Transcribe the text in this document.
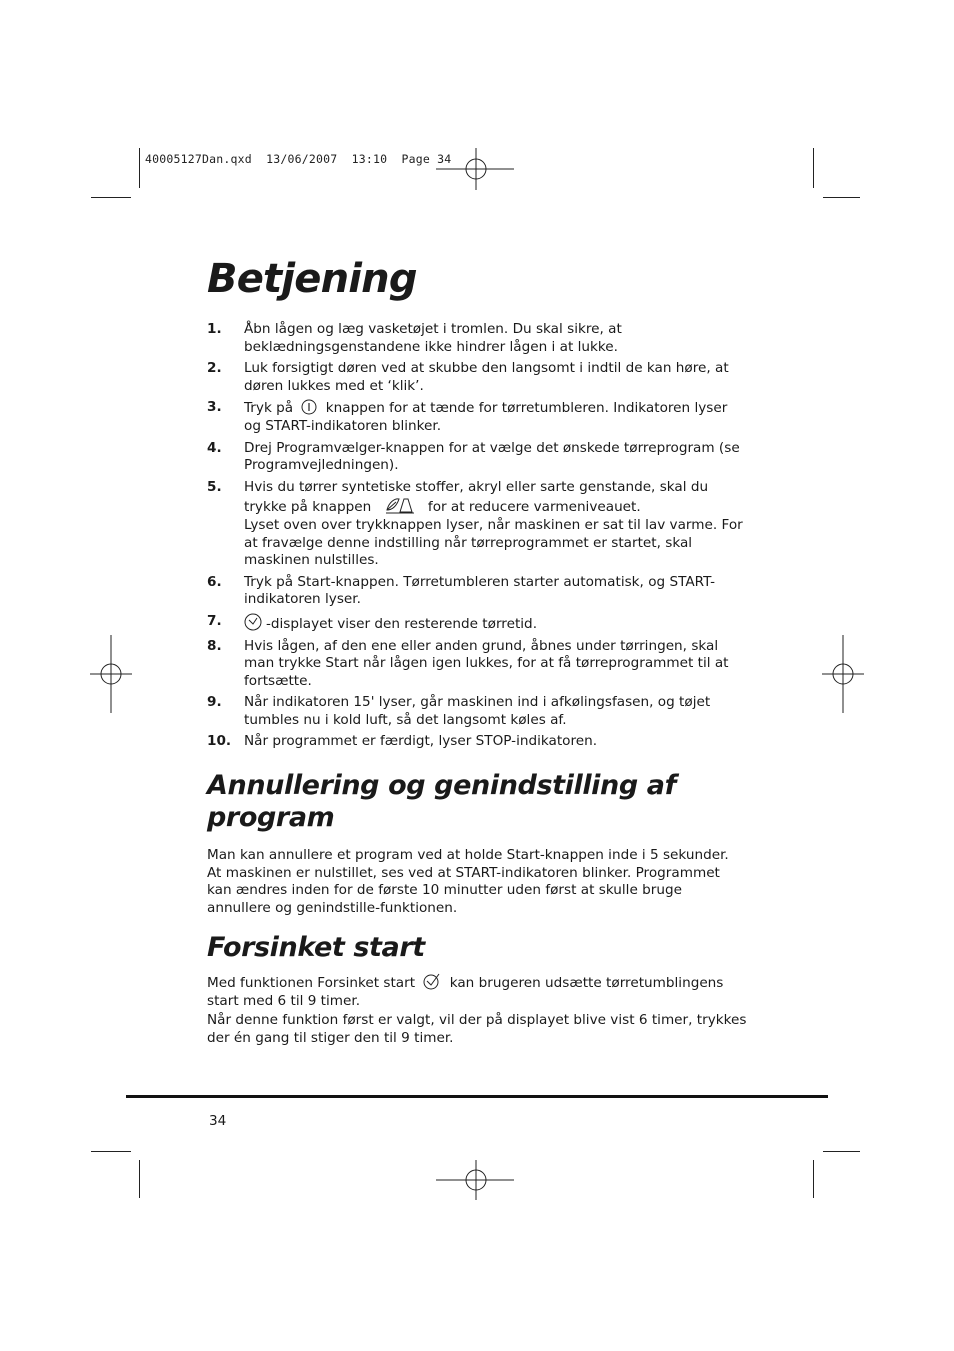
40005127Dan.qxd  13/06/2007  13:10  Page 34
Betjening
1.	Åbn lågen og læg vasketøjet i tromlen. Du skal sikre, at beklædningsgenstandene ikke hindrer lågen i at lukke.
2.	Luk forsigtigt døren ved at skubbe den langsomt i indtil de kan høre, at døren lukkes med et ‘klik’.
3.	Tryk på knappen for at tænde for tørretumbleren. Indikatoren lyser og START-indikatoren blinker.
4.	Drej Programvælger-knappen for at vælge det ønskede tørreprogram (se Programvejledningen).
5.	Hvis du tørrer syntetiske stoffer, akryl eller sarte genstande, skal du
trykke på knappen	for at reducere varmeniveauet.
Lyset oven over trykknappen lyser, når maskinen er sat til lav varme. For at fravælge denne indstilling når tørreprogrammet er startet, skal maskinen nulstilles.
6.	Tryk på Start-knappen. Tørretumbleren starter automatisk, og START-indikatoren lyser.
7.	-displayet viser den resterende tørretid.
8.	Hvis lågen, af den ene eller anden grund, åbnes under tørringen, skal man trykke Start når lågen igen lukkes, for at få tørreprogrammet til at fortsætte.
9.	Når indikatoren 15' lyser, går maskinen ind i afkølingsfasen, og tøjet tumbles nu i kold luft, så det langsomt køles af.
10. Når programmet er færdigt, lyser STOP-indikatoren.
Annullering og genindstilling af
program

Man kan annullere et program ved at holde Start-knappen inde i 5 sekunder. At maskinen er nulstillet, ses ved at START-indikatoren blinker. Programmet kan ændres inden for de første 10 minutter uden først at skulle bruge annullere og genindstille-funktionen.

Forsinket start

Med funktionen Forsinket start	kan brugeren udsætte tørretumblingens start med 6 til 9 timer.

Når denne funktion først er valgt, vil der på displayet blive vist 6 timer, trykkes der én gang til stiger den til 9 timer.

34
